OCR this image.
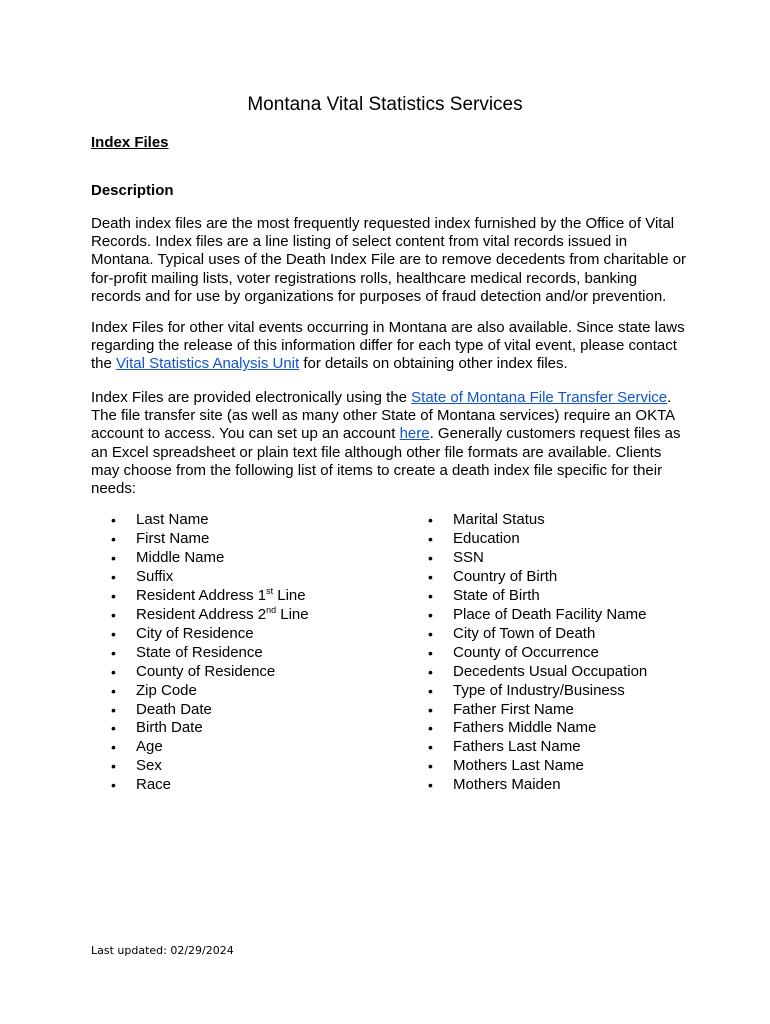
Montana Vital Statistics Services
Index Files
Description

Death index files are the most frequently requested index furnished by the Office of Vital Records. Index files are a line listing of select content from vital records issued in Montana. Typical uses of the Death Index File are to remove decedents from charitable or for-profit mailing lists, voter registrations rolls, healthcare medical records, banking records and for use by organizations for purposes of fraud detection and/or prevention.

Index Files for other vital events occurring in Montana are also available. Since state laws regarding the release of this information differ for each type of vital event, please contact the Vital Statistics Analysis Unit for details on obtaining other index files.

Index Files are provided electronically using the State of Montana File Transfer Service. The file transfer site (as well as many other State of Montana services) require an OKTA account to access. You can set up an account here. Generally customers request files as an Excel spreadsheet or plain text file although other file formats are available. Clients may choose from the following list of items to create a death index file specific for their needs:

• Last Name
• First Name
• Middle Name
• Suffix
• Resident Address 1st Line
• Resident Address 2nd Line
• City of Residence
• State of Residence
• County of Residence
• Zip Code
• Death Date
• Birth Date
• Age
• Sex
• Race
• Marital Status
• Education
• SSN
• Country of Birth
• State of Birth
• Place of Death Facility Name
• City of Town of Death
• County of Occurrence
• Decedents Usual Occupation
• Type of Industry/Business
• Father First Name
• Fathers Middle Name
• Fathers Last Name
• Mothers Last Name
• Mothers Maiden
Last updated: 02/29/2024
